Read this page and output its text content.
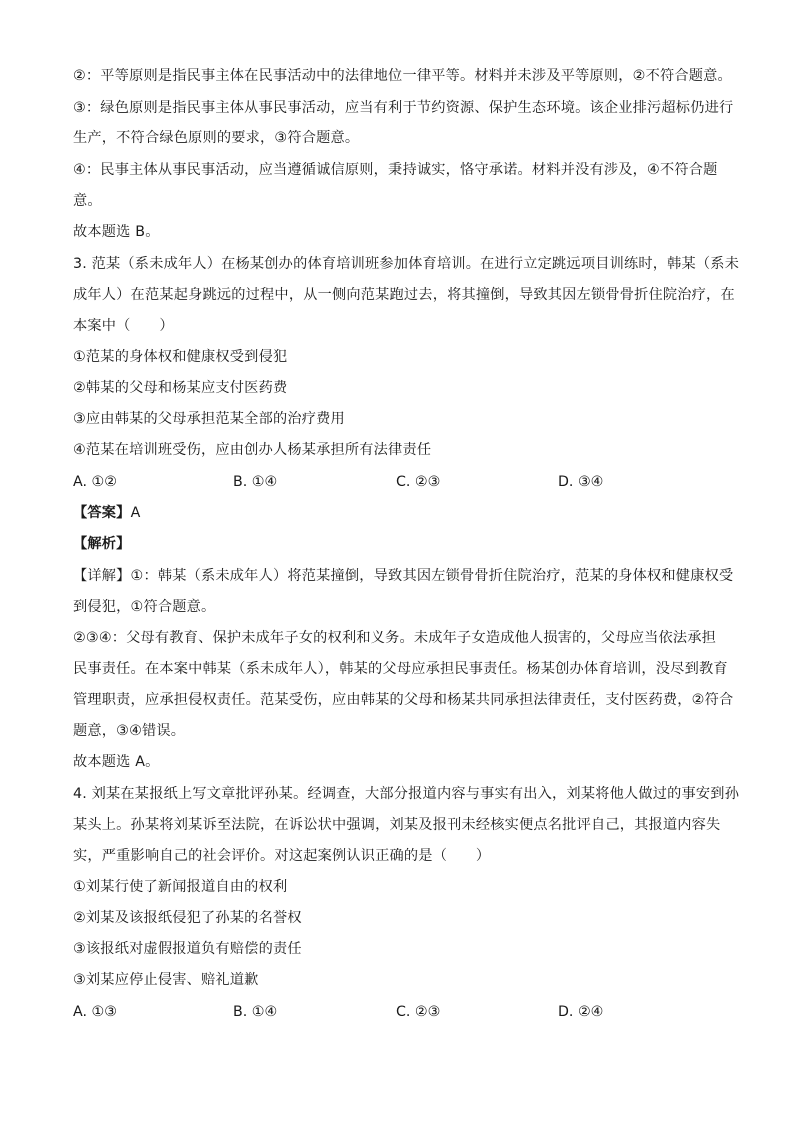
②：平等原则是指民事主体在民事活动中的法律地位一律平等。材料并未涉及平等原则，②不符合题意。
③：绿色原则是指民事主体从事民事活动，应当有利于节约资源、保护生态环境。该企业排污超标仍进行
生产，不符合绿色原则的要求，③符合题意。
④：民事主体从事民事活动，应当遵循诚信原则，秉持诚实，恪守承诺。材料并没有涉及，④不符合题
意。
故本题选 B。
3. 范某（系未成年人）在杨某创办的体育培训班参加体育培训。在进行立定跳远项目训练时，韩某（系未
成年人）在范某起身跳远的过程中，从一侧向范某跑过去，将其撞倒，导致其因左锁骨骨折住院治疗，在
本案中（　　）
①范某的身体权和健康权受到侵犯
②韩某的父母和杨某应支付医药费
③应由韩某的父母承担范某全部的治疗费用
④范某在培训班受伤，应由创办人杨某承担所有法律责任
A. ①②	B. ①④	C. ②③	D. ③④
【答案】A
【解析】
【详解】①：韩某（系未成年人）将范某撞倒，导致其因左锁骨骨折住院治疗，范某的身体权和健康权受
到侵犯，①符合题意。
②③④：父母有教育、保护未成年子女的权利和义务。未成年子女造成他人损害的，父母应当依法承担
民事责任。在本案中韩某（系未成年人），韩某的父母应承担民事责任。杨某创办体育培训，没尽到教育
管理职责，应承担侵权责任。范某受伤，应由韩某的父母和杨某共同承担法律责任，支付医药费，②符合
题意，③④错误。
故本题选 A。
4. 刘某在某报纸上写文章批评孙某。经调查，大部分报道内容与事实有出入，刘某将他人做过的事安到孙
某头上。孙某将刘某诉至法院，在诉讼状中强调，刘某及报刊未经核实便点名批评自己，其报道内容失
实，严重影响自己的社会评价。对这起案例认识正确的是（　　）
①刘某行使了新闻报道自由的权利
②刘某及该报纸侵犯了孙某的名誉权
③该报纸对虚假报道负有赔偿的责任
③刘某应停止侵害、赔礼道歉
A. ①③	B. ①④	C. ②③	D. ②④
